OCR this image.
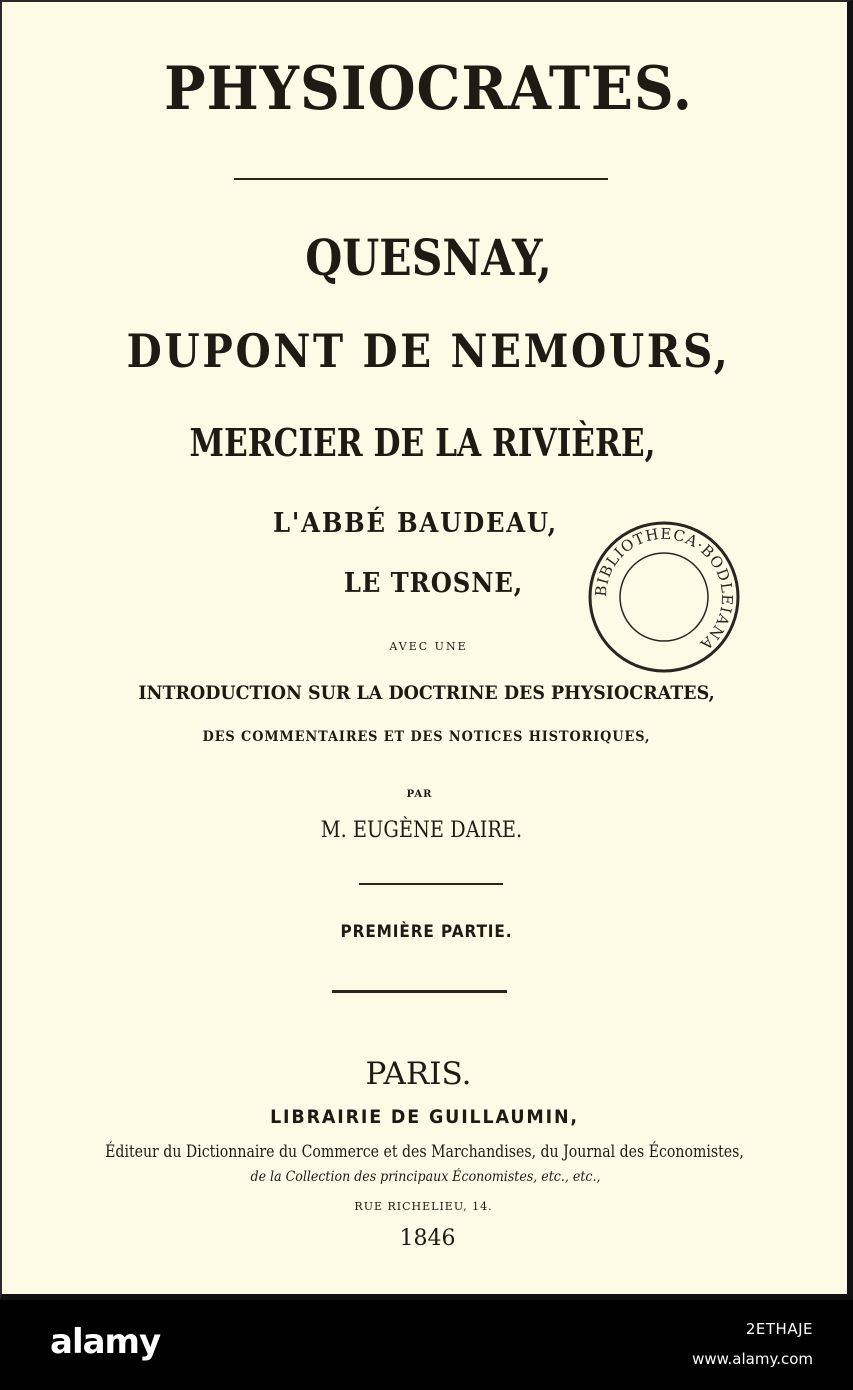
PHYSIOCRATES.
QUESNAY,
DUPONT DE NEMOURS,
MERCIER DE LA RIVIÈRE,
L'ABBÉ BAUDEAU,
LE TROSNE,
AVEC UNE
INTRODUCTION SUR LA DOCTRINE DES PHYSIOCRATES,
DES COMMENTAIRES ET DES NOTICES HISTORIQUES,
PAR
M. EUGÈNE DAIRE.
PREMIÈRE PARTIE.
PARIS.
LIBRAIRIE DE GUILLAUMIN,
Éditeur du Dictionnaire du Commerce et des Marchandises, du Journal des Économistes,
de la Collection des principaux Économistes, etc., etc.,
RUE RICHELIEU, 14.
1846
BIBLIOTHECA·BODLEIANA
alamy	2ETHAJE
www.alamy.com
